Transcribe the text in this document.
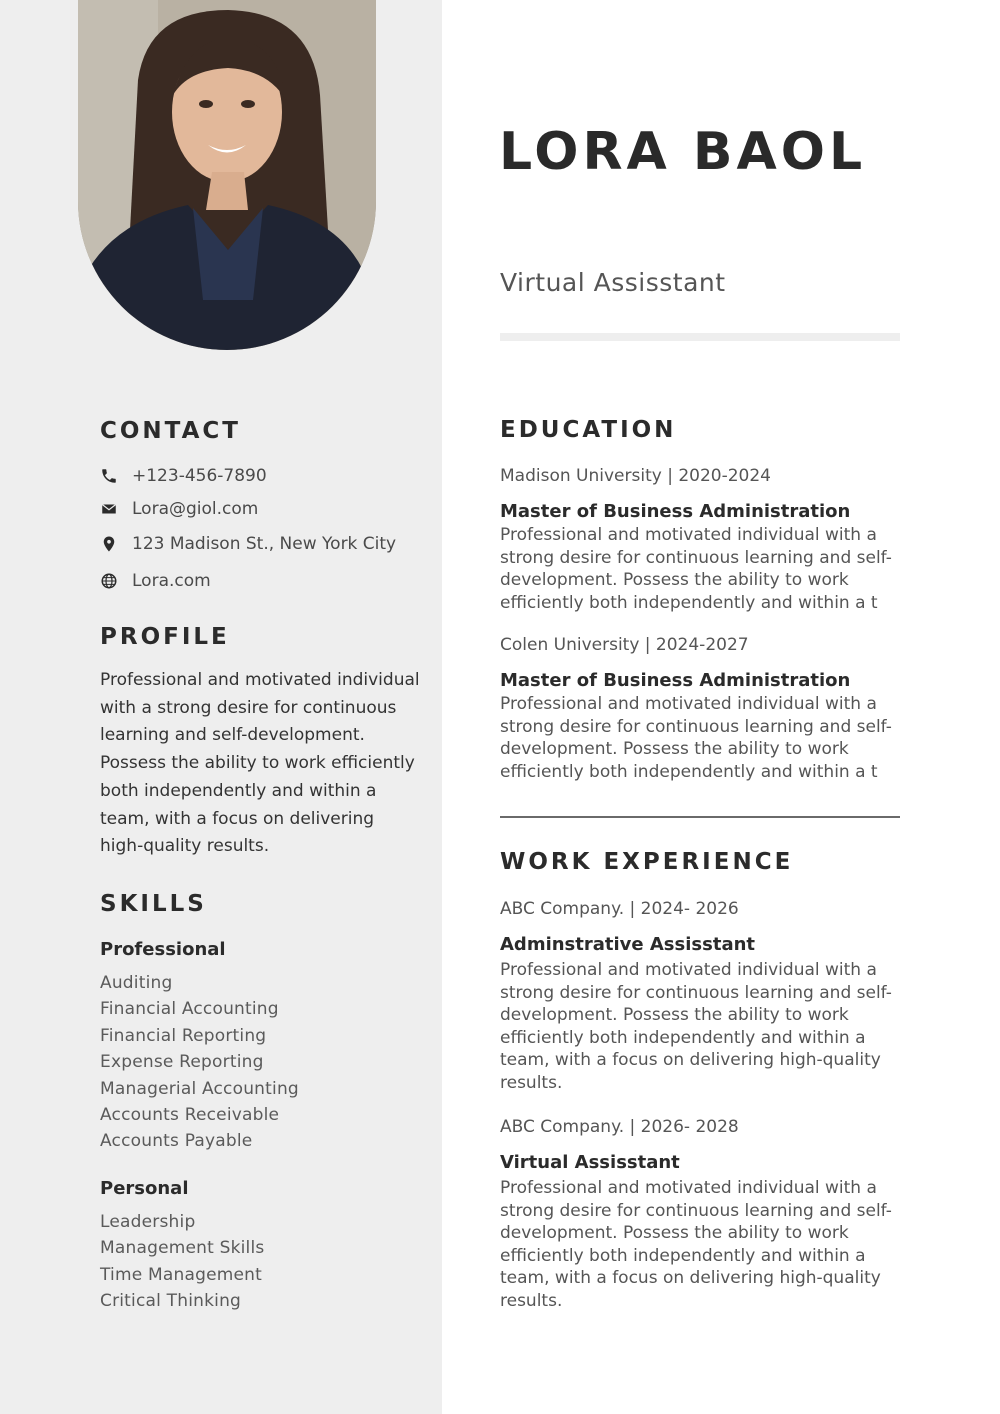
CONTACT
+123-456-7890
Lora@giol.com
123 Madison St., New York City
Lora.com
PROFILE
Professional and motivated individual with a strong desire for continuous learning and self-development. Possess the ability to work efficiently both independently and within a team, with a focus on delivering high-quality results.
SKILLS
Professional
Auditing
Financial Accounting
Financial Reporting
Expense Reporting
Managerial Accounting
Accounts Receivable
Accounts Payable
Personal
Leadership
Management Skills
Time Management
Critical Thinking
LORA BAOL
Virtual Assisstant
EDUCATION
Madison University | 2020-2024
Master of Business Administration
Professional and motivated individual with a strong desire for continuous learning and self-development. Possess the ability to work efficiently both independently and within a t
Colen University | 2024-2027
Master of Business Administration
Professional and motivated individual with a strong desire for continuous learning and self-development. Possess the ability to work efficiently both independently and within a t
WORK EXPERIENCE
ABC Company. | 2024- 2026
Adminstrative Assisstant
Professional and motivated individual with a strong desire for continuous learning and self-development. Possess the ability to work efficiently both independently and within a team, with a focus on delivering high-quality results.
ABC Company. | 2026- 2028
Virtual Assisstant
Professional and motivated individual with a strong desire for continuous learning and self-development. Possess the ability to work efficiently both independently and within a team, with a focus on delivering high-quality results.
